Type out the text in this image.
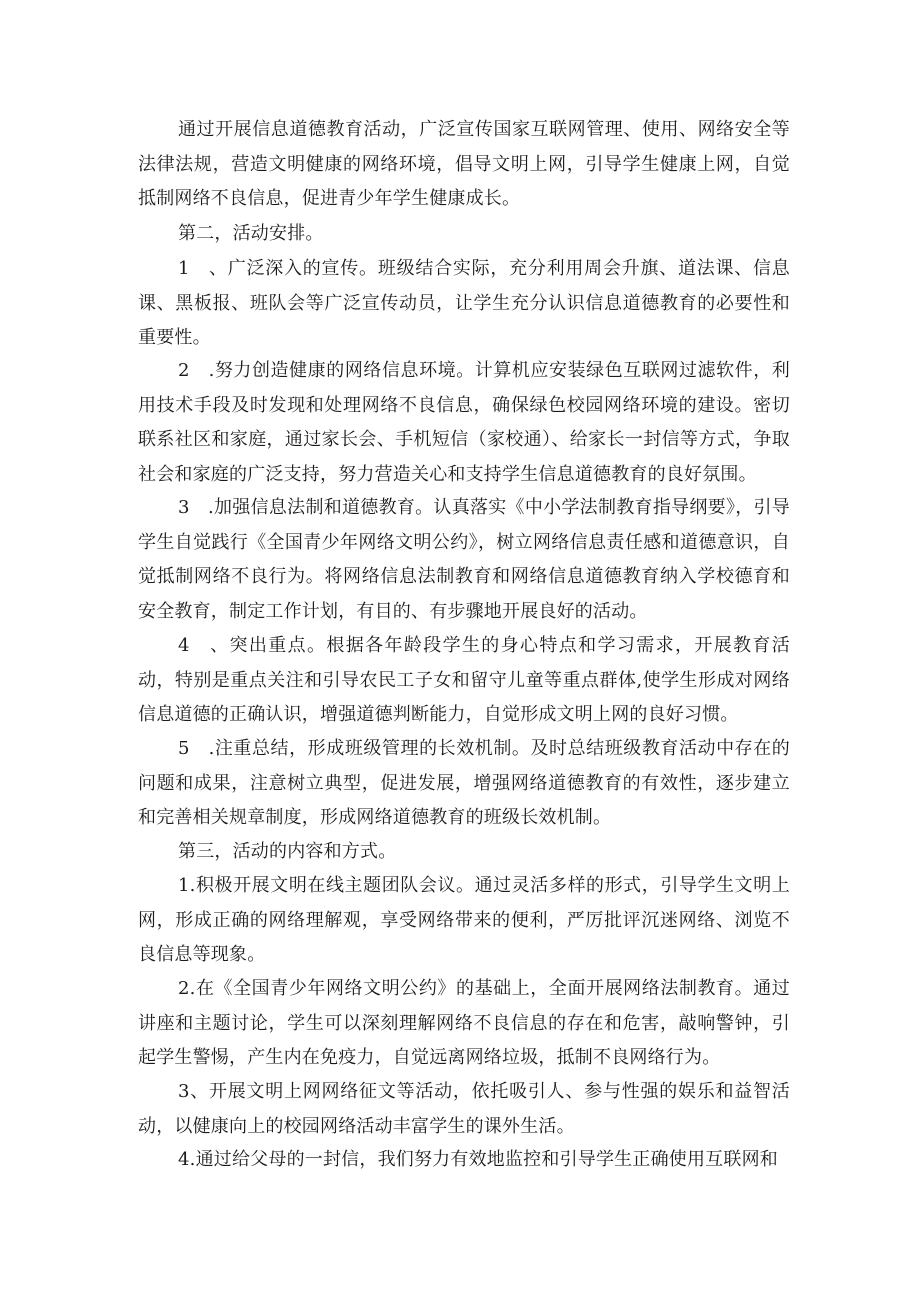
通过开展信息道德教育活动，广泛宣传国家互联网管理、使用、网络安全等法律法规，营造文明健康的网络环境，倡导文明上网，引导学生健康上网，自觉抵制网络不良信息，促进青少年学生健康成长。

第二，活动安排。

1　、广泛深入的宣传。班级结合实际，充分利用周会升旗、道法课、信息课、黑板报、班队会等广泛宣传动员，让学生充分认识信息道德教育的必要性和重要性。

2　.努力创造健康的网络信息环境。计算机应安装绿色互联网过滤软件，利用技术手段及时发现和处理网络不良信息，确保绿色校园网络环境的建设。密切联系社区和家庭，通过家长会、手机短信（家校通）、给家长一封信等方式，争取社会和家庭的广泛支持，努力营造关心和支持学生信息道德教育的良好氛围。

3　.加强信息法制和道德教育。认真落实《中小学法制教育指导纲要》，引导学生自觉践行《全国青少年网络文明公约》，树立网络信息责任感和道德意识，自觉抵制网络不良行为。将网络信息法制教育和网络信息道德教育纳入学校德育和安全教育，制定工作计划，有目的、有步骤地开展良好的活动。

4　、突出重点。根据各年龄段学生的身心特点和学习需求，开展教育活动，特别是重点关注和引导农民工子女和留守儿童等重点群体,使学生形成对网络信息道德的正确认识，增强道德判断能力，自觉形成文明上网的良好习惯。

5　.注重总结，形成班级管理的长效机制。及时总结班级教育活动中存在的问题和成果，注意树立典型，促进发展，增强网络道德教育的有效性，逐步建立和完善相关规章制度，形成网络道德教育的班级长效机制。

第三，活动的内容和方式。

1.积极开展文明在线主题团队会议。通过灵活多样的形式，引导学生文明上网，形成正确的网络理解观，享受网络带来的便利，严厉批评沉迷网络、浏览不良信息等现象。

2.在《全国青少年网络文明公约》的基础上，全面开展网络法制教育。通过讲座和主题讨论，学生可以深刻理解网络不良信息的存在和危害，敲响警钟，引起学生警惕，产生内在免疫力，自觉远离网络垃圾，抵制不良网络行为。

3、开展文明上网网络征文等活动，依托吸引人、参与性强的娱乐和益智活动，以健康向上的校园网络活动丰富学生的课外生活。

4.通过给父母的一封信，我们努力有效地监控和引导学生正确使用互联网和
